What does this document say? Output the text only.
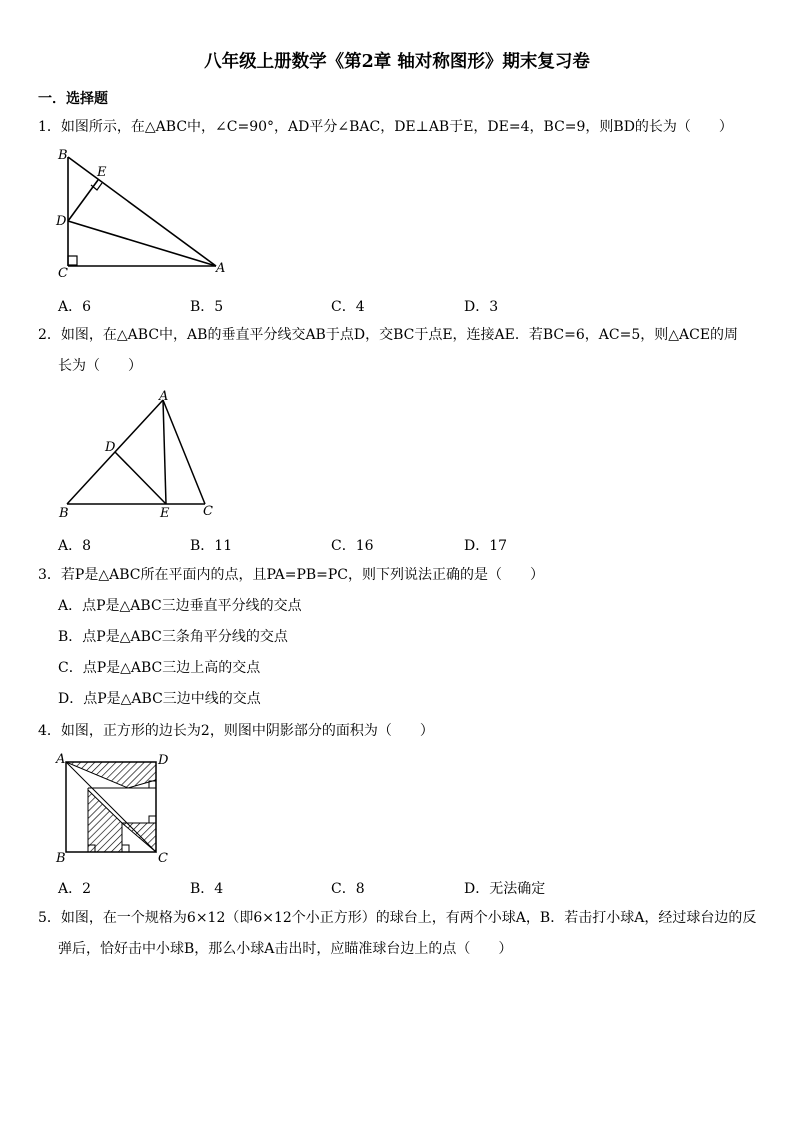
八年级上册数学《第2章 轴对称图形》期末复习卷
一．选择题
1．如图所示，在△ABC中，∠C=90°，AD平分∠BAC，DE⊥AB于E，DE=4，BC=9，则BD的长为（　　）
B
E
D
C	A
A．6	B．5	C．4	D．3
2．如图，在△ABC中，AB的垂直平分线交AB于点D，交BC于点E，连接AE．若BC=6，AC=5，则△ACE的周
长为（　　）
A
D
B	E	C
A．8	B．11	C．16	D．17
3．若P是△ABC所在平面内的点，且PA=PB=PC，则下列说法正确的是（　　）
A．点P是△ABC三边垂直平分线的交点
B．点P是△ABC三条角平分线的交点
C．点P是△ABC三边上高的交点
D．点P是△ABC三边中线的交点
4．如图，正方形的边长为2，则图中阴影部分的面积为（　　）
A	D
B	C
A．2	B．4	C．8	D．无法确定
5．如图，在一个规格为6×12（即6×12个小正方形）的球台上，有两个小球A，B．若击打小球A，经过球台边的反
弹后，恰好击中小球B，那么小球A击出时，应瞄准球台边上的点（　　）
